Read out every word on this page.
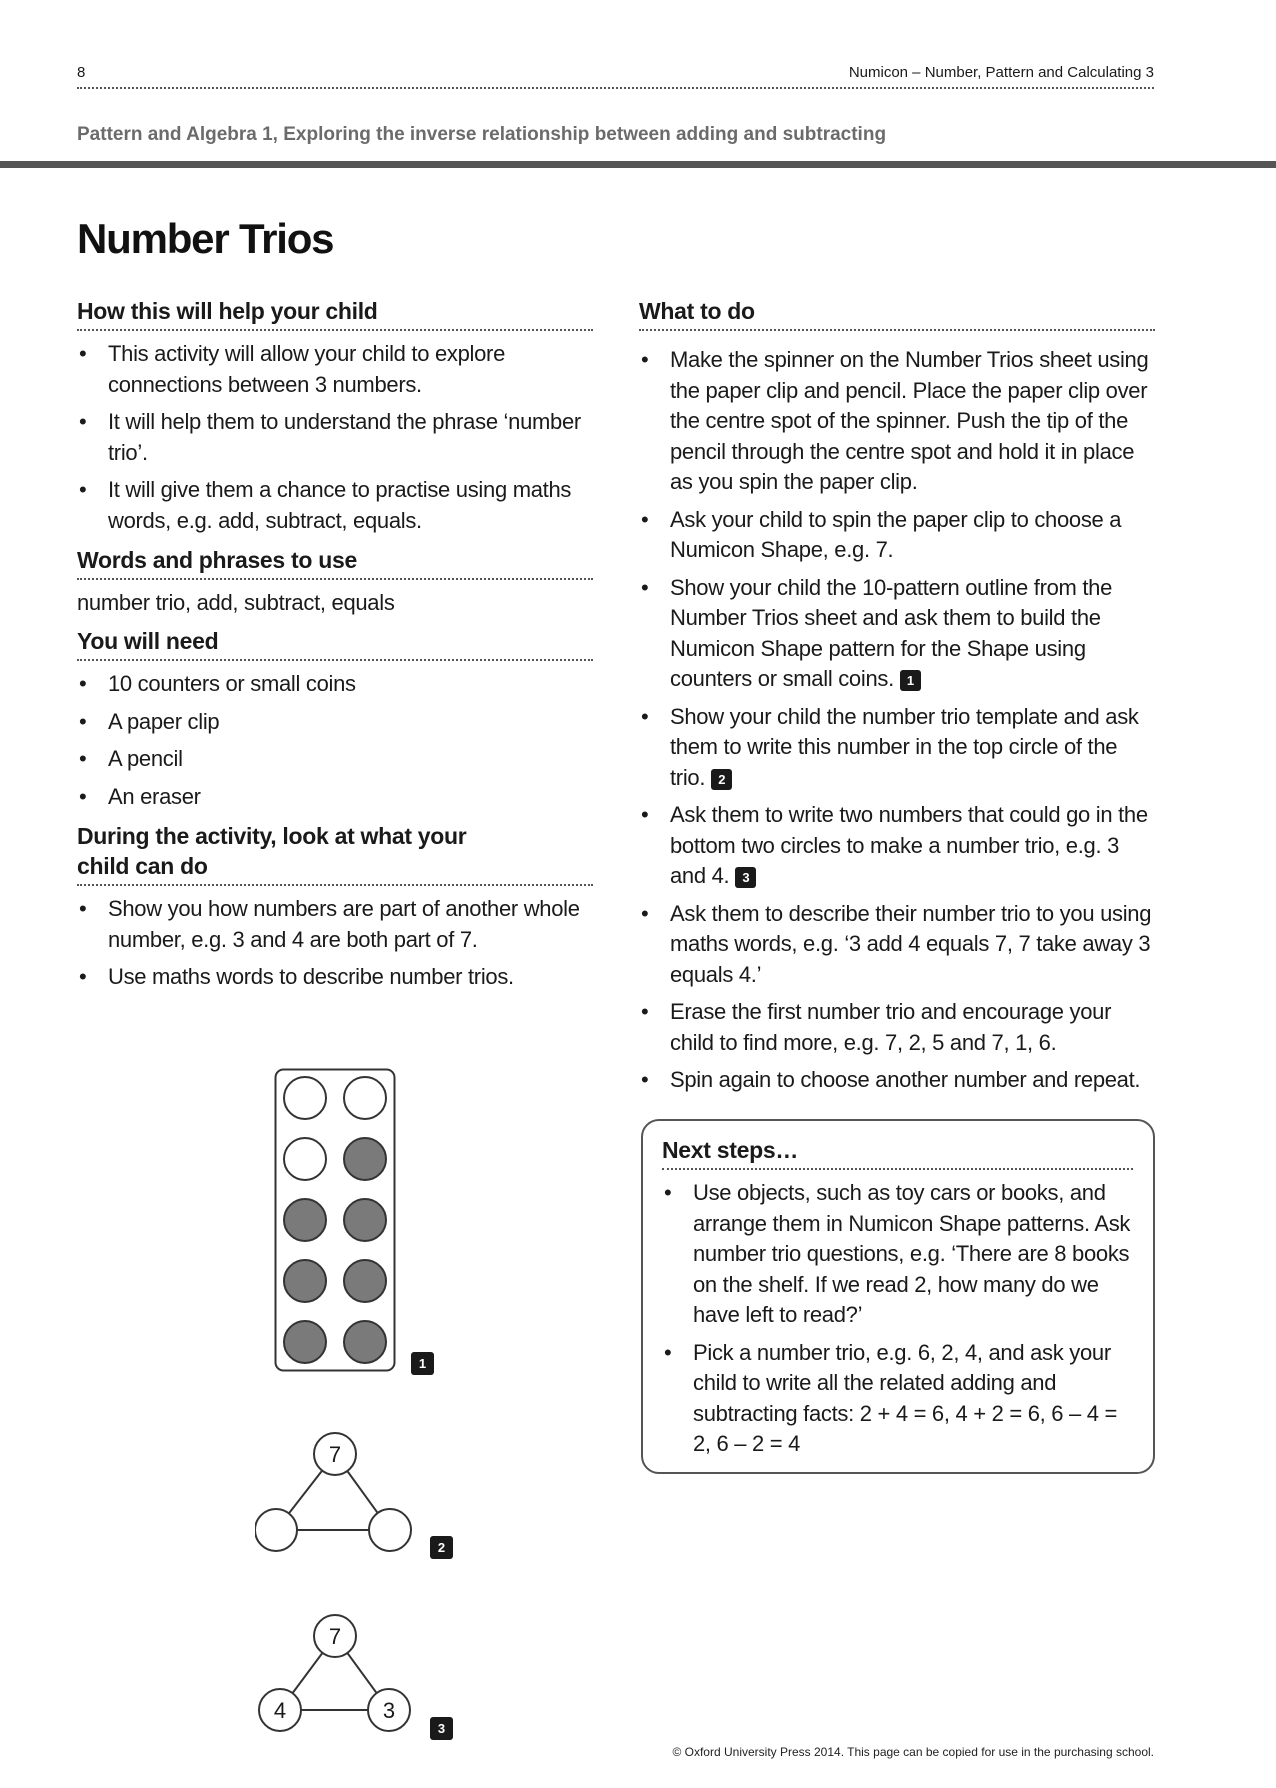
8	Numicon – Number, Pattern and Calculating 3
Pattern and Algebra 1, Exploring the inverse relationship between adding and subtracting
Number Trios
How this will help your child
• This activity will allow your child to explore connections between 3 numbers.
• It will help them to understand the phrase ‘number trio’.
• It will give them a chance to practise using maths words, e.g. add, subtract, equals.
Words and phrases to use
number trio, add, subtract, equals
You will need
• 10 counters or small coins
• A paper clip
• A pencil
• An eraser
During the activity, look at what your
child can do
• Show you how numbers are part of another whole number, e.g. 3 and 4 are both part of 7.
• Use maths words to describe number trios.
What to do
• Make the spinner on the Number Trios sheet using the paper clip and pencil. Place the paper clip over the centre spot of the spinner. Push the tip of the pencil through the centre spot and hold it in place as you spin the paper clip.
• Ask your child to spin the paper clip to choose a Numicon Shape, e.g. 7.
• Show your child the 10-pattern outline from the Number Trios sheet and ask them to build the Numicon Shape pattern for the Shape using counters or small coins. 1
• Show your child the number trio template and ask them to write this number in the top circle of the trio. 2
• Ask them to write two numbers that could go in the bottom two circles to make a number trio, e.g. 3 and 4. 3
• Ask them to describe their number trio to you using maths words, e.g. ‘3 add 4 equals 7, 7 take away 3 equals 4.’
• Erase the first number trio and encourage your child to find more, e.g. 7, 2, 5 and 7, 1, 6.
• Spin again to choose another number and repeat.
Next steps…
• Use objects, such as toy cars or books, and arrange them in Numicon Shape patterns. Ask number trio questions, e.g. ‘There are 8 books on the shelf. If we read 2, how many do we have left to read?’
• Pick a number trio, e.g. 6, 2, 4, and ask your child to write all the related adding and subtracting facts: 2 + 4 = 6, 4 + 2 = 6, 6 – 4 = 2, 6 – 2 = 4
1
7
2
7
4	3
3
© Oxford University Press 2014. This page can be copied for use in the purchasing school.
